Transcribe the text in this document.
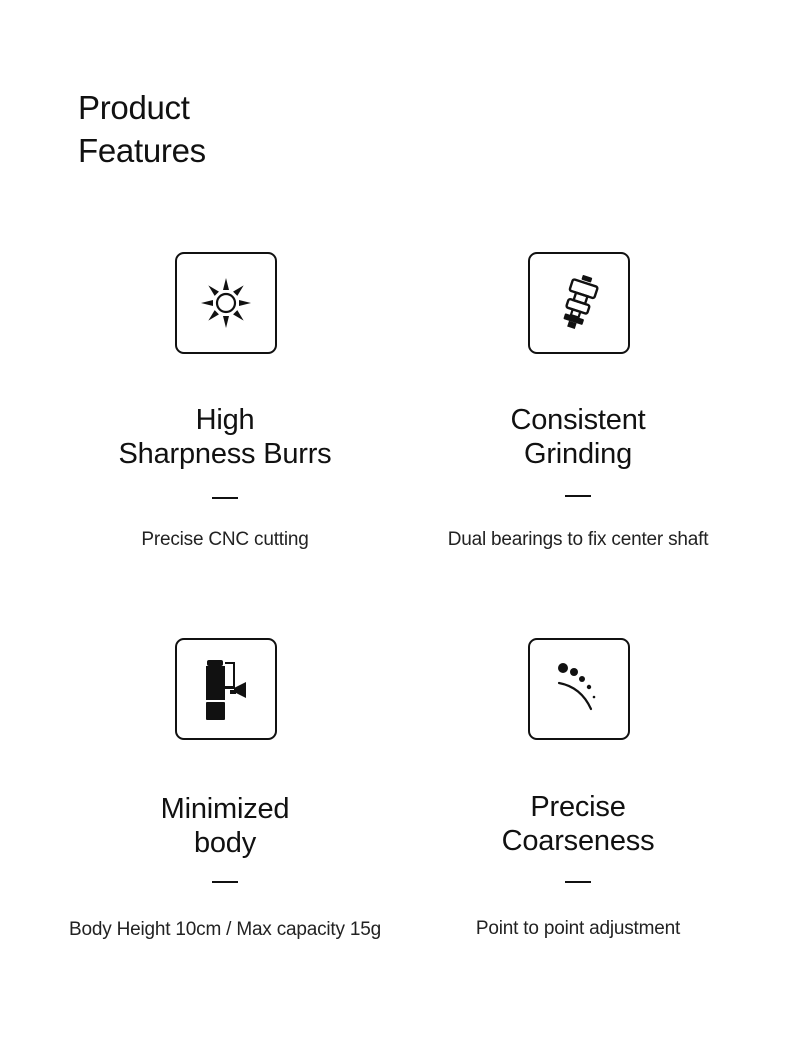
Product
Features
High
Sharpness Burrs
Precise CNC cutting
Consistent
Grinding
Dual bearings to fix center shaft
Minimized
body
Body Height 10cm / Max capacity 15g
Precise
Coarseness
Point to point adjustment
